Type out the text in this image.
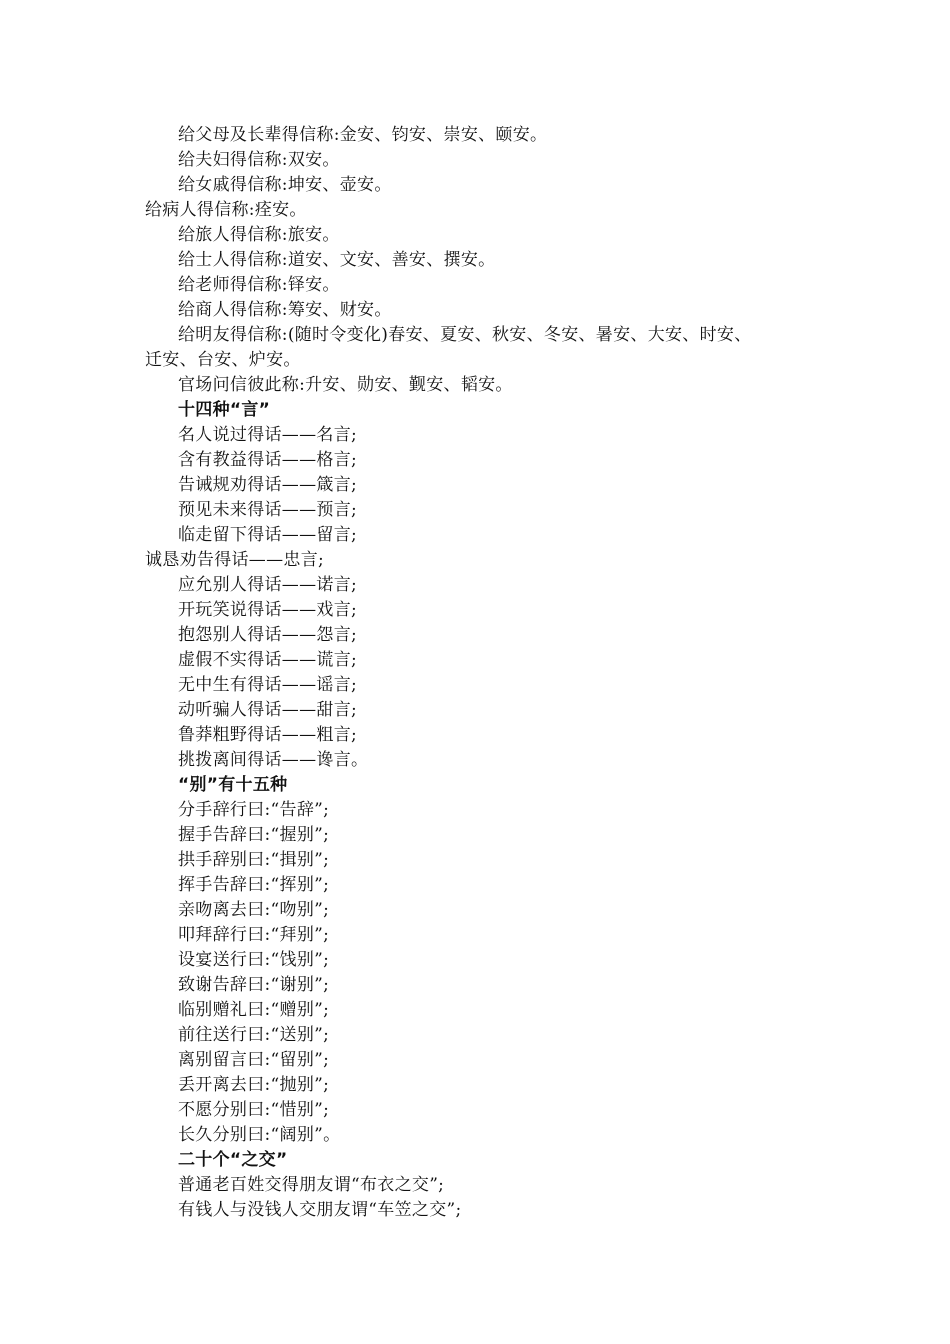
给父母及长辈得信称:金安、钧安、崇安、颐安。
给夫妇得信称:双安。
给女戚得信称:坤安、壶安。
给病人得信称:痊安。
给旅人得信称:旅安。
给士人得信称:道安、文安、善安、撰安。
给老师得信称:铎安。
给商人得信称:筹安、财安。
给明友得信称:(随时令变化)春安、夏安、秋安、冬安、暑安、大安、时安、
迁安、台安、炉安。
官场问信彼此称:升安、勋安、觐安、韬安。
十四种“言”
名人说过得话——名言;
含有教益得话——格言;
告诫规劝得话——箴言;
预见未来得话——预言;
临走留下得话——留言;
诚恳劝告得话——忠言;
应允别人得话——诺言;
开玩笑说得话——戏言;
抱怨别人得话——怨言;
虚假不实得话——谎言;
无中生有得话——谣言;
动听骗人得话——甜言;
鲁莽粗野得话——粗言;
挑拨离间得话——谗言。
“别”有十五种
分手辞行曰:“告辞”;
握手告辞曰:“握别”;
拱手辞别曰:“揖别”;
挥手告辞曰:“挥别”;
亲吻离去曰:“吻别”;
叩拜辞行曰:“拜别”;
设宴送行曰:“饯别”;
致谢告辞曰:“谢别”;
临别赠礼曰:“赠别”;
前往送行曰:“送别”;
离别留言曰:“留别”;
丢开离去曰:“抛别”;
不愿分别曰:“惜别”;
长久分别曰:“阔别”。
二十个“之交”
普通老百姓交得朋友谓“布衣之交”;
有钱人与没钱人交朋友谓“车笠之交”;
